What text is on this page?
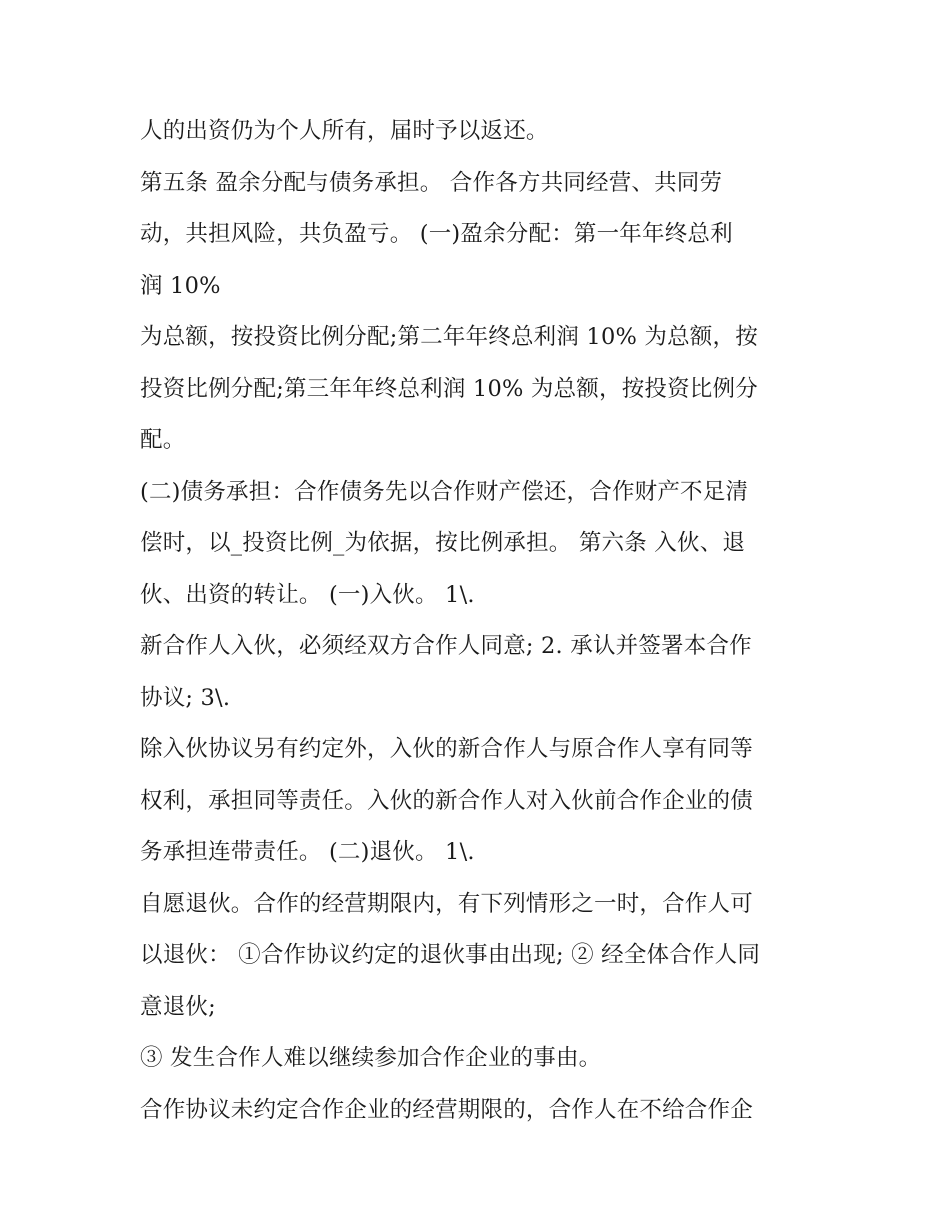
人的出资仍为个人所有，届时予以返还。
第五条 盈余分配与债务承担。 合作各方共同经营、共同劳
动，共担风险，共负盈亏。 (一)盈余分配：第一年年终总利
润 10%
为总额，按投资比例分配;第二年年终总利润 10% 为总额，按
投资比例分配;第三年年终总利润 10% 为总额，按投资比例分
配。
(二)债务承担：合作债务先以合作财产偿还，合作财产不足清
偿时，以_投资比例_为依据，按比例承担。 第六条 入伙、退
伙、出资的转让。 (一)入伙。 1\.
新合作人入伙，必须经双方合作人同意; 2. 承认并签署本合作
协议; 3\.
除入伙协议另有约定外，入伙的新合作人与原合作人享有同等
权利，承担同等责任。入伙的新合作人对入伙前合作企业的债
务承担连带责任。 (二)退伙。 1\.
自愿退伙。合作的经营期限内，有下列情形之一时，合作人可
以退伙： ①合作协议约定的退伙事由出现; ② 经全体合作人同
意退伙;
③ 发生合作人难以继续参加合作企业的事由。
合作协议未约定合作企业的经营期限的，合作人在不给合作企
